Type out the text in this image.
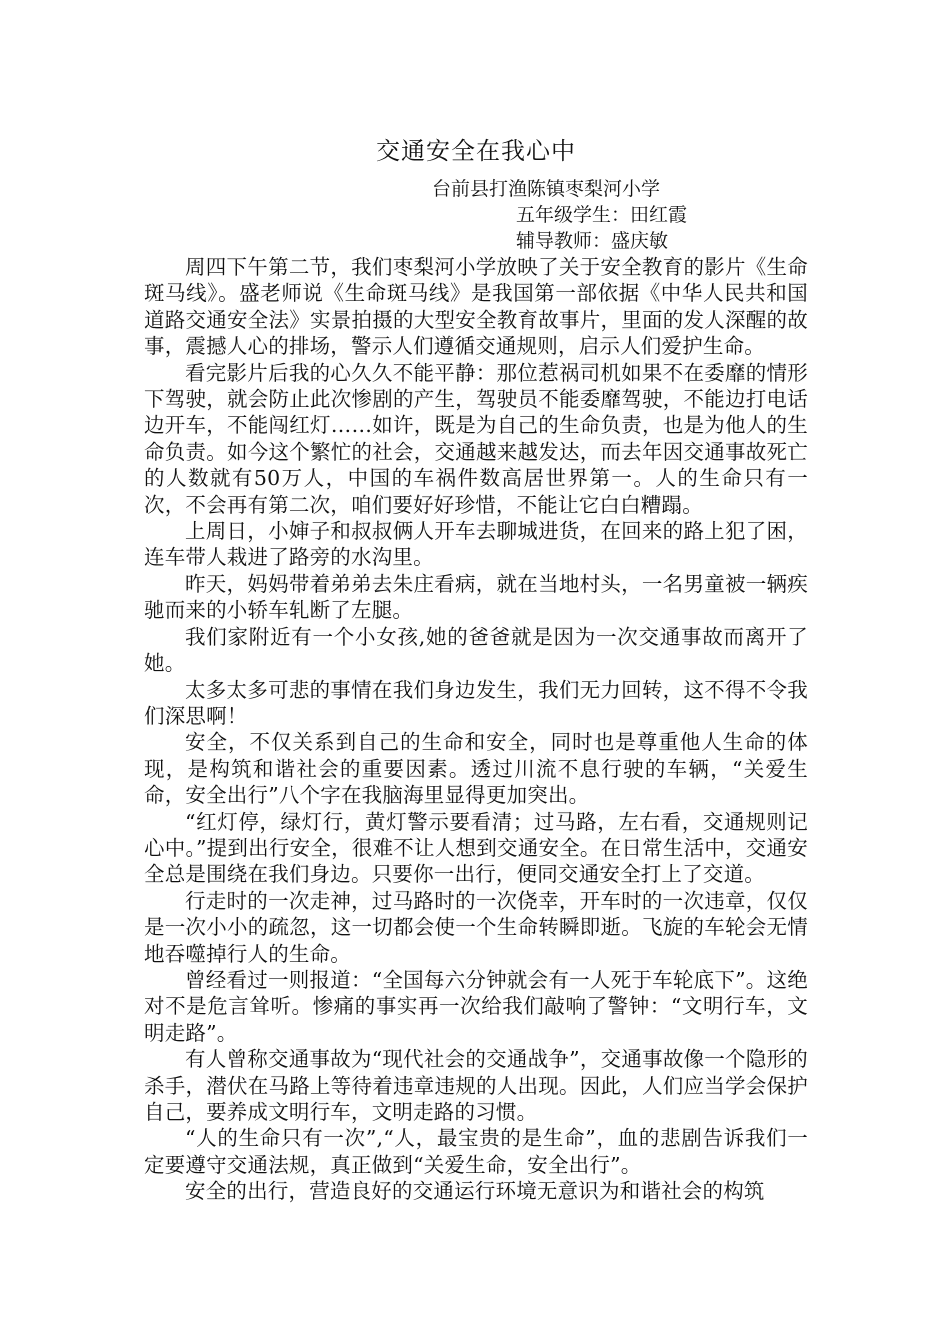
交通安全在我心中
台前县打渔陈镇枣梨河小学
五年级学生：田红霞
辅导教师：盛庆敏

周四下午第二节，我们枣梨河小学放映了关于安全教育的影片《生命斑马线》。盛老师说《生命斑马线》是我国第一部依据《中华人民共和国道路交通安全法》实景拍摄的大型安全教育故事片，里面的发人深醒的故事，震撼人心的排场，警示人们遵循交通规则，启示人们爱护生命。

看完影片后我的心久久不能平静：那位惹祸司机如果不在委靡的情形下驾驶，就会防止此次惨剧的产生，驾驶员不能委靡驾驶，不能边打电话边开车，不能闯红灯……如许，既是为自己的生命负责，也是为他人的生命负责。如今这个繁忙的社会，交通越来越发达，而去年因交通事故死亡的人数就有50万人，中国的车祸件数高居世界第一。人的生命只有一次，不会再有第二次，咱们要好好珍惜，不能让它白白糟蹋。

上周日，小婶子和叔叔俩人开车去聊城进货，在回来的路上犯了困，连车带人栽进了路旁的水沟里。

昨天，妈妈带着弟弟去朱庄看病，就在当地村头，一名男童被一辆疾驰而来的小轿车轧断了左腿。

我们家附近有一个小女孩,她的爸爸就是因为一次交通事故而离开了她。

太多太多可悲的事情在我们身边发生，我们无力回转，这不得不令我们深思啊！

安全，不仅关系到自己的生命和安全，同时也是尊重他人生命的体现，是构筑和谐社会的重要因素。透过川流不息行驶的车辆，“关爱生命，安全出行”八个字在我脑海里显得更加突出。

“红灯停，绿灯行，黄灯警示要看清；过马路，左右看，交通规则记心中。”提到出行安全，很难不让人想到交通安全。在日常生活中，交通安全总是围绕在我们身边。只要你一出行，便同交通安全打上了交道。

行走时的一次走神，过马路时的一次侥幸，开车时的一次违章，仅仅是一次小小的疏忽，这一切都会使一个生命转瞬即逝。飞旋的车轮会无情地吞噬掉行人的生命。

曾经看过一则报道：“全国每六分钟就会有一人死于车轮底下”。这绝对不是危言耸听。惨痛的事实再一次给我们敲响了警钟：“文明行车，文明走路”。

有人曾称交通事故为“现代社会的交通战争”，交通事故像一个隐形的杀手，潜伏在马路上等待着违章违规的人出现。因此，人们应当学会保护自己，要养成文明行车，文明走路的习惯。

“人的生命只有一次”,“人，最宝贵的是生命”，血的悲剧告诉我们一定要遵守交通法规，真正做到“关爱生命，安全出行”。

安全的出行，营造良好的交通运行环境无意识为和谐社会的构筑
